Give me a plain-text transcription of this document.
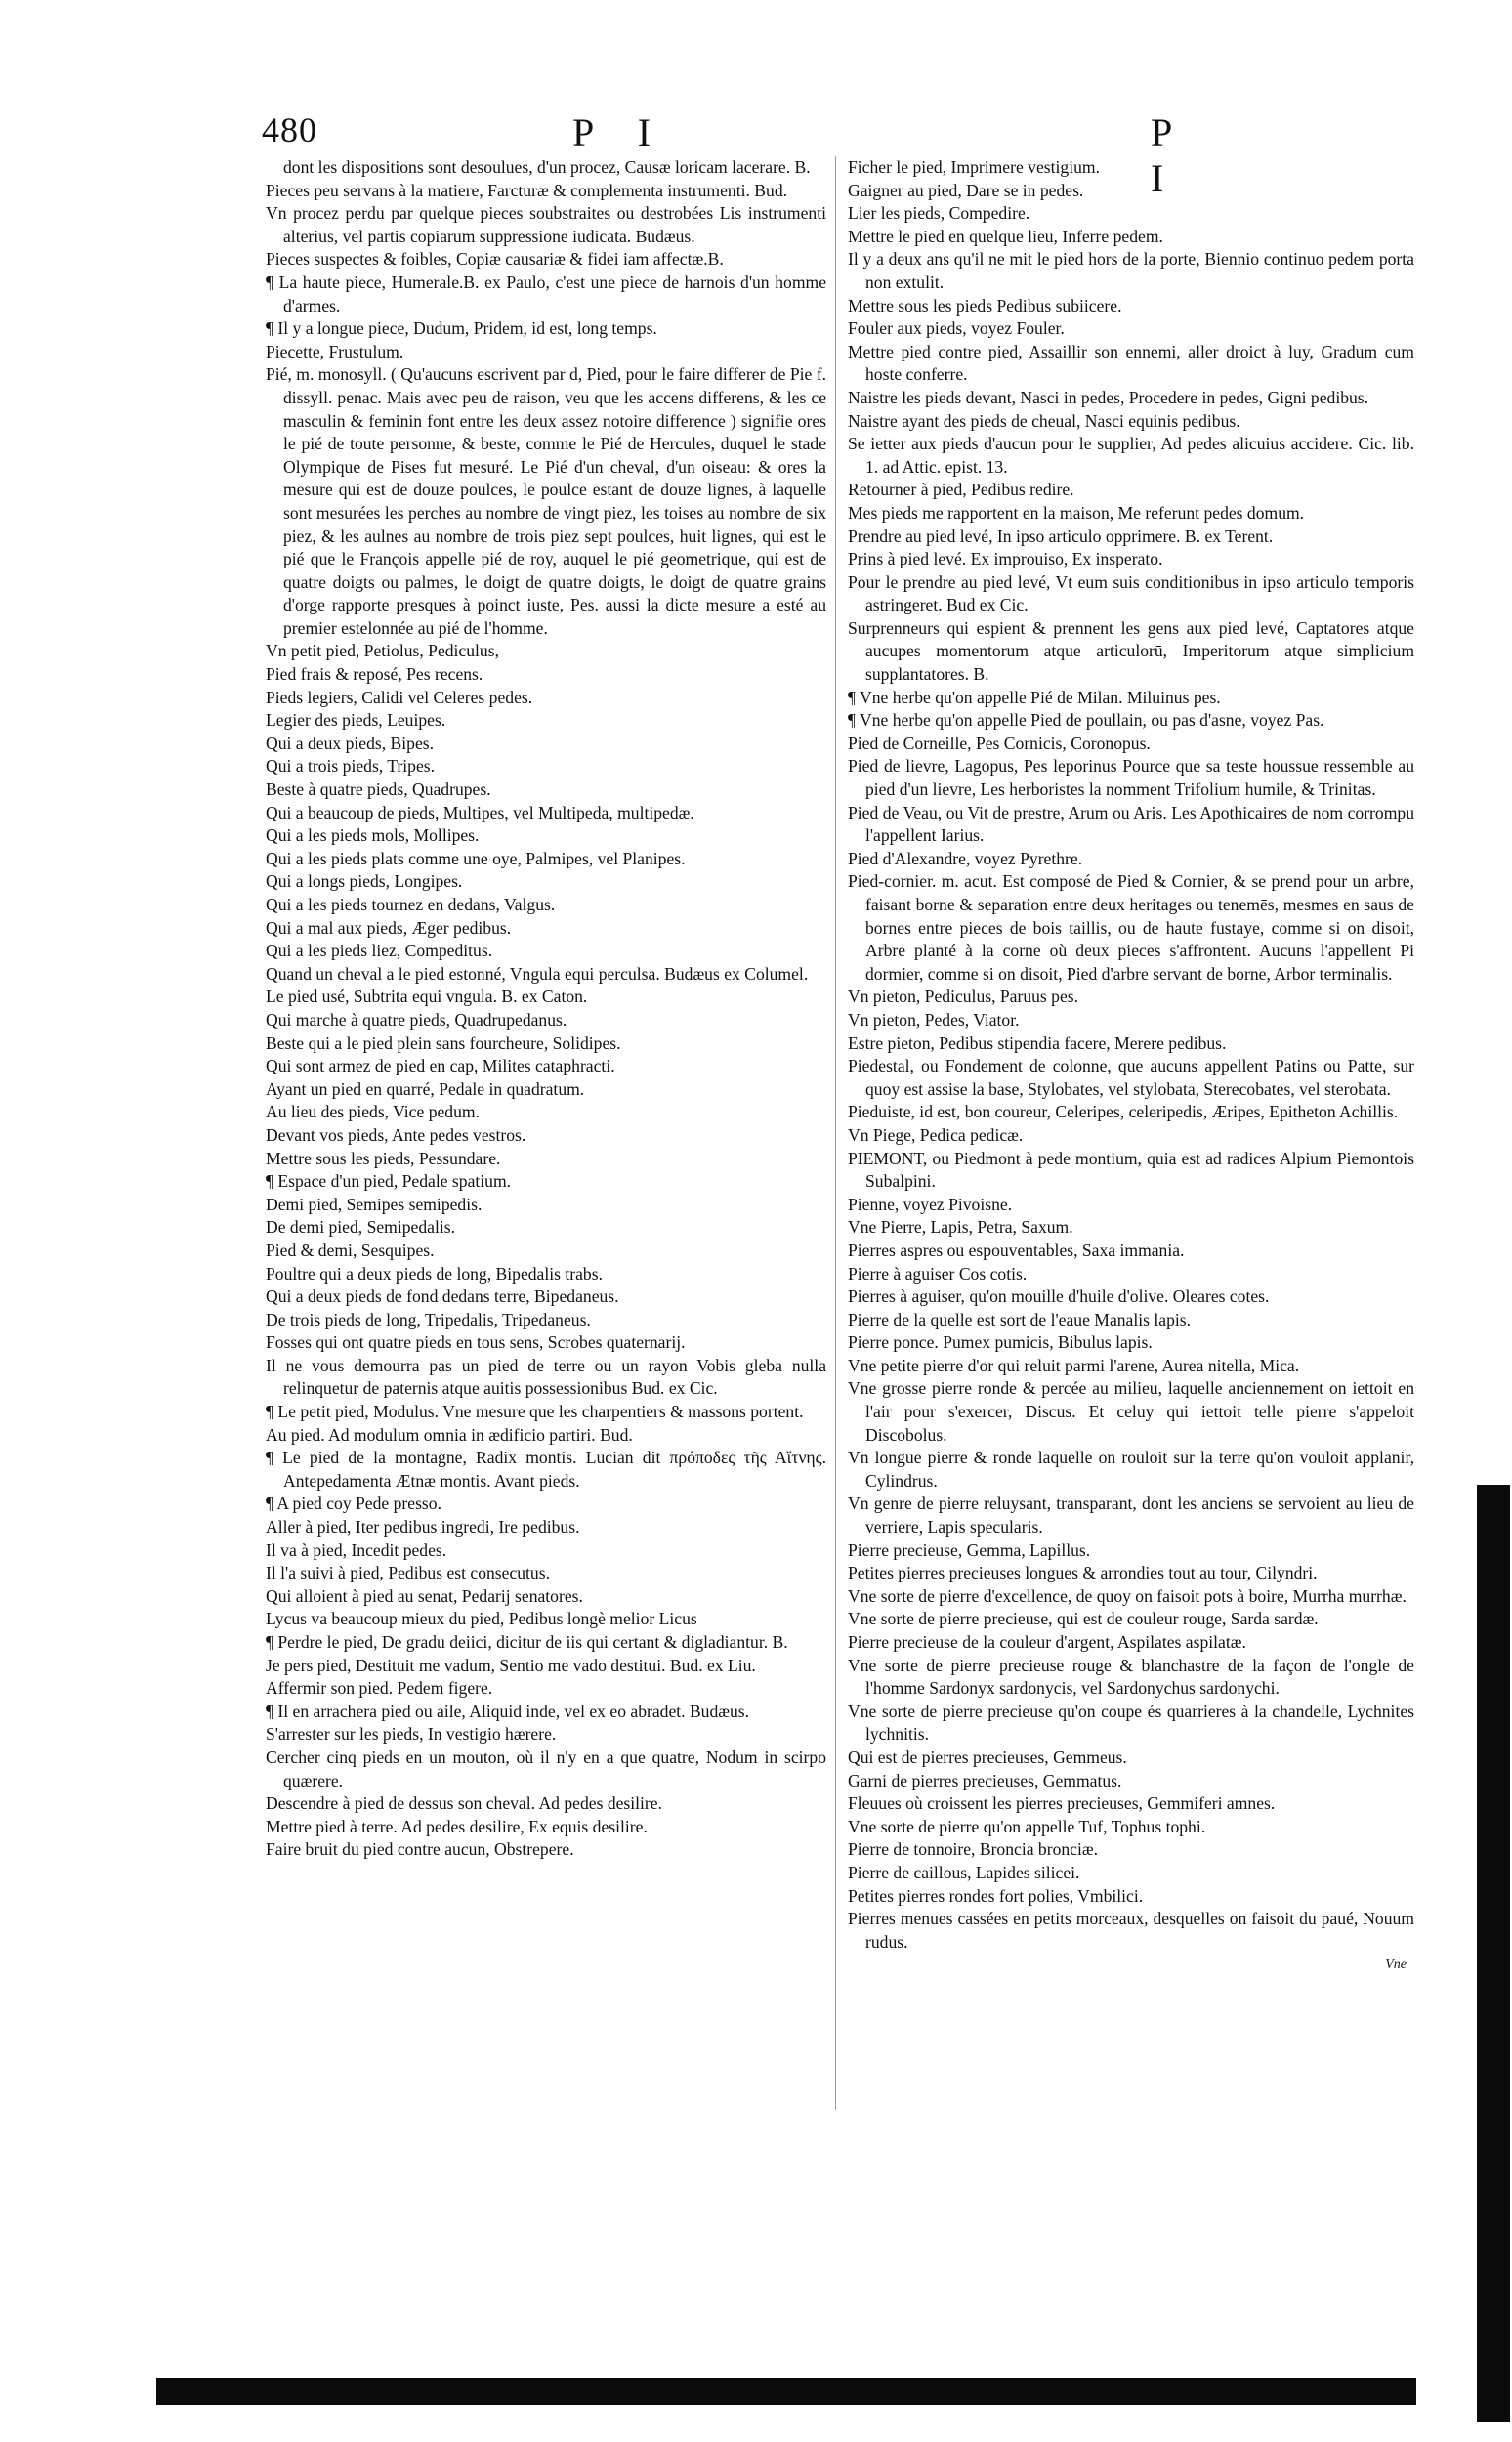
480	P I	P I

dont les dispositions sont desoulues, d'un procez, Causæ loricam lacerare. B.

Pieces peu servans à la matiere, Farcturæ & complementa instrumenti. Bud.

Vn procez perdu par quelque pieces soubstraites ou destrobées Lis instrumenti alterius, vel partis copiarum suppressione iudicata. Budæus.

Pieces suspectes & foibles, Copiæ causariæ & fidei iam affectæ.B.

¶ La haute piece, Humerale.B. ex Paulo, c'est une piece de harnois d'un homme d'armes.

¶ Il y a longue piece, Dudum, Pridem, id est, long temps.

Piecette, Frustulum.

Pié, m. monosyll. ( Qu'aucuns escrivent par d, Pied, pour le faire differer de Pie f. dissyll. penac. Mais avec peu de raison, veu que les accens differens, & les ce masculin & feminin font entre les deux assez notoire difference ) signifie ores le pié de toute personne, & beste, comme le Pié de Hercules, duquel le stade Olympique de Pises fut mesuré. Le Pié d'un cheval, d'un oiseau: & ores la mesure qui est de douze poulces, le poulce estant de douze lignes, à laquelle sont mesurées les perches au nombre de vingt piez, les toises au nombre de six piez, & les aulnes au nombre de trois piez sept poulces, huit lignes, qui est le pié que le François appelle pié de roy, auquel le pié geometrique, qui est de quatre doigts ou palmes, le doigt de quatre doigts, le doigt de quatre grains d'orge rapporte presques à poinct iuste, Pes. aussi la dicte mesure a esté au premier estelonnée au pié de l'homme.

Vn petit pied, Petiolus, Pediculus,

Pied frais & reposé, Pes recens.

Pieds legiers, Calidi vel Celeres pedes.

Legier des pieds, Leuipes.

Qui a deux pieds, Bipes.

Qui a trois pieds, Tripes.

Beste à quatre pieds, Quadrupes.

Qui a beaucoup de pieds, Multipes, vel Multipeda, multipedæ.

Qui a les pieds mols, Mollipes.

Qui a les pieds plats comme une oye, Palmipes, vel Planipes.

Qui a longs pieds, Longipes.

Qui a les pieds tournez en dedans, Valgus.

Qui a mal aux pieds, Æger pedibus.

Qui a les pieds liez, Compeditus.

Quand un cheval a le pied estonné, Vngula equi perculsa. Budæus ex Columel.

Le pied usé, Subtrita equi vngula. B. ex Caton.

Qui marche à quatre pieds, Quadrupedanus.

Beste qui a le pied plein sans fourcheure, Solidipes.

Qui sont armez de pied en cap, Milites cataphracti.

Ayant un pied en quarré, Pedale in quadratum.

Au lieu des pieds, Vice pedum.

Devant vos pieds, Ante pedes vestros.

Mettre sous les pieds, Pessundare.

¶ Espace d'un pied, Pedale spatium.

Demi pied, Semipes semipedis.

De demi pied, Semipedalis.

Pied & demi, Sesquipes.

Poultre qui a deux pieds de long, Bipedalis trabs.

Qui a deux pieds de fond dedans terre, Bipedaneus.

De trois pieds de long, Tripedalis, Tripedaneus.

Fosses qui ont quatre pieds en tous sens, Scrobes quaternarij.

Il ne vous demourra pas un pied de terre ou un rayon Vobis gleba nulla relinquetur de paternis atque auitis possessionibus Bud. ex Cic.

¶ Le petit pied, Modulus. Vne mesure que les charpentiers & massons portent.

Au pied. Ad modulum omnia in ædificio partiri. Bud.

¶ Le pied de la montagne, Radix montis. Lucian dit πρόποδες τῆς Αἴτνης. Antepedamenta Ætnæ montis. Avant pieds.

¶ A pied coy Pede presso.

Aller à pied, Iter pedibus ingredi, Ire pedibus.

Il va à pied, Incedit pedes.

Il l'a suivi à pied, Pedibus est consecutus.

Qui alloient à pied au senat, Pedarij senatores.

Lycus va beaucoup mieux du pied, Pedibus longè melior Licus

¶ Perdre le pied, De gradu deiici, dicitur de iis qui certant & digladiantur. B.

Je pers pied, Destituit me vadum, Sentio me vado destitui. Bud. ex Liu.

Affermir son pied. Pedem figere.

¶ Il en arrachera pied ou aile, Aliquid inde, vel ex eo abradet. Budæus.

S'arrester sur les pieds, In vestigio hærere.

Cercher cinq pieds en un mouton, où il n'y en a que quatre, Nodum in scirpo quærere.

Descendre à pied de dessus son cheval. Ad pedes desilire.

Mettre pied à terre. Ad pedes desilire, Ex equis desilire.

Faire bruit du pied contre aucun, Obstrepere.

Ficher le pied, Imprimere vestigium.

Gaigner au pied, Dare se in pedes.

Lier les pieds, Compedire.

Mettre le pied en quelque lieu, Inferre pedem.

Il y a deux ans qu'il ne mit le pied hors de la porte, Biennio continuo pedem porta non extulit.

Mettre sous les pieds Pedibus subiicere.

Fouler aux pieds, voyez Fouler.

Mettre pied contre pied, Assaillir son ennemi, aller droict à luy, Gradum cum hoste conferre.

Naistre les pieds devant, Nasci in pedes, Procedere in pedes, Gigni pedibus.

Naistre ayant des pieds de cheual, Nasci equinis pedibus.

Se ietter aux pieds d'aucun pour le supplier, Ad pedes alicuius accidere. Cic. lib. 1. ad Attic. epist. 13.

Retourner à pied, Pedibus redire.

Mes pieds me rapportent en la maison, Me referunt pedes domum.

Prendre au pied levé, In ipso articulo opprimere. B. ex Terent.

Prins à pied levé. Ex improuiso, Ex insperato.

Pour le prendre au pied levé, Vt eum suis conditionibus in ipso articulo temporis astringeret. Bud ex Cic.

Surprenneurs qui espient & prennent les gens aux pied levé, Captatores atque aucupes momentorum atque articulorū, Imperitorum atque simplicium supplantatores. B.

¶ Vne herbe qu'on appelle Pié de Milan. Miluinus pes.

¶ Vne herbe qu'on appelle Pied de poullain, ou pas d'asne, voyez Pas.

Pied de Corneille, Pes Cornicis, Coronopus.

Pied de lievre, Lagopus, Pes leporinus Pource que sa teste houssue ressemble au pied d'un lievre, Les herboristes la nomment Trifolium humile, & Trinitas.

Pied de Veau, ou Vit de prestre, Arum ou Aris. Les Apothicaires de nom corrompu l'appellent Iarius.

Pied d'Alexandre, voyez Pyrethre.

Pied-cornier. m. acut. Est composé de Pied & Cornier, & se prend pour un arbre, faisant borne & separation entre deux heritages ou tenemēs, mesmes en saus de bornes entre pieces de bois taillis, ou de haute fustaye, comme si on disoit, Arbre planté à la corne où deux pieces s'affrontent. Aucuns l'appellent Pi dormier, comme si on disoit, Pied d'arbre servant de borne, Arbor terminalis.

Vn pieton, Pediculus, Paruus pes.

Vn pieton, Pedes, Viator.

Estre pieton, Pedibus stipendia facere, Merere pedibus.

Piedestal, ou Fondement de colonne, que aucuns appellent Patins ou Patte, sur quoy est assise la base, Stylobates, vel stylobata, Sterecobates, vel sterobata.

Pieduiste, id est, bon coureur, Celeripes, celeripedis, Æripes, Epitheton Achillis.

Vn Piege, Pedica pedicæ.

PIEMONT, ou Piedmont à pede montium, quia est ad radices Alpium Piemontois Subalpini.

Pienne, voyez Pivoisne.

Vne Pierre, Lapis, Petra, Saxum.

Pierres aspres ou espouventables, Saxa immania.

Pierre à aguiser Cos cotis.

Pierres à aguiser, qu'on mouille d'huile d'olive. Oleares cotes.

Pierre de la quelle est sort de l'eaue Manalis lapis.

Pierre ponce. Pumex pumicis, Bibulus lapis.

Vne petite pierre d'or qui reluit parmi l'arene, Aurea nitella, Mica.

Vne grosse pierre ronde & percée au milieu, laquelle anciennement on iettoit en l'air pour s'exercer, Discus. Et celuy qui iettoit telle pierre s'appeloit Discobolus.

Vn longue pierre & ronde laquelle on rouloit sur la terre qu'on vouloit applanir, Cylindrus.

Vn genre de pierre reluysant, transparant, dont les anciens se servoient au lieu de verriere, Lapis specularis.

Pierre precieuse, Gemma, Lapillus.

Petites pierres precieuses longues & arrondies tout au tour, Cilyndri.

Vne sorte de pierre d'excellence, de quoy on faisoit pots à boire, Murrha murrhæ.

Vne sorte de pierre precieuse, qui est de couleur rouge, Sarda sardæ.

Pierre precieuse de la couleur d'argent, Aspilates aspilatæ.

Vne sorte de pierre precieuse rouge & blanchastre de la façon de l'ongle de l'homme Sardonyx sardonycis, vel Sardonychus sardonychi.

Vne sorte de pierre precieuse qu'on coupe és quarrieres à la chandelle, Lychnites lychnitis.

Qui est de pierres precieuses, Gemmeus.

Garni de pierres precieuses, Gemmatus.

Fleuues où croissent les pierres precieuses, Gemmiferi amnes.

Vne sorte de pierre qu'on appelle Tuf, Tophus tophi.

Pierre de tonnoire, Broncia bronciæ.

Pierre de caillous, Lapides silicei.

Petites pierres rondes fort polies, Vmbilici.

Pierres menues cassées en petits morceaux, desquelles on faisoit du paué, Nouum rudus.

Vne
